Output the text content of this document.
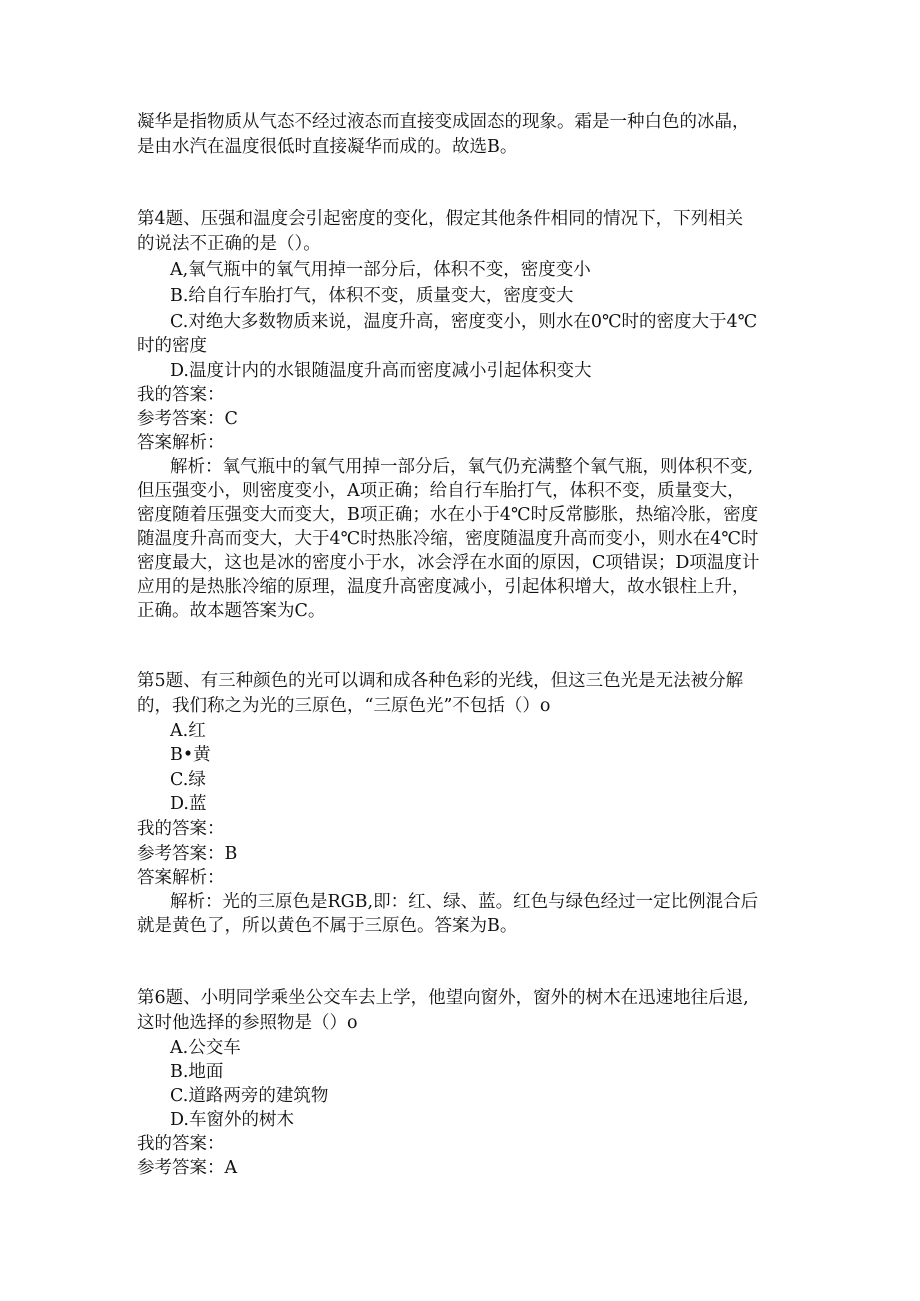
凝华是指物质从气态不经过液态而直接变成固态的现象。霜是一种白色的冰晶，

是由水汽在温度很低时直接凝华而成的。故选B。

第4题、压强和温度会引起密度的变化，假定其他条件相同的情况下，下列相关

的说法不正确的是（）。

A,氧气瓶中的氧气用掉一部分后，体积不变，密度变小

B.给自行车胎打气，体积不变，质量变大，密度变大

C.对绝大多数物质来说，温度升高，密度变小，则水在0℃时的密度大于4℃

时的密度

D.温度计内的水银随温度升高而密度减小引起体积变大

我的答案：

参考答案：C

答案解析：

解析：氧气瓶中的氧气用掉一部分后，氧气仍充满整个氧气瓶，则体积不变,

但压强变小，则密度变小，A项正确；给自行车胎打气，体积不变，质量变大，

密度随着压强变大而变大，B项正确；水在小于4℃时反常膨胀，热缩冷胀，密度

随温度升高而变大，大于4℃时热胀冷缩，密度随温度升高而变小，则水在4℃时

密度最大，这也是冰的密度小于水，冰会浮在水面的原因，C项错误；D项温度计

应用的是热胀冷缩的原理，温度升高密度减小，引起体积增大，故水银柱上升，

正确。故本题答案为C。

第5题、有三种颜色的光可以调和成各种色彩的光线，但这三色光是无法被分解

的，我们称之为光的三原色，“三原色光”不包括（）o

A.红

B•黄

C.绿

D.蓝

我的答案：

参考答案：B

答案解析：

解析：光的三原色是RGB,即：红、绿、蓝。红色与绿色经过一定比例混合后

就是黄色了，所以黄色不属于三原色。答案为B。

第6题、小明同学乘坐公交车去上学，他望向窗外，窗外的树木在迅速地往后退,

这时他选择的参照物是（）o

A.公交车

B.地面

C.道路两旁的建筑物

D.车窗外的树木

我的答案：

参考答案：A
